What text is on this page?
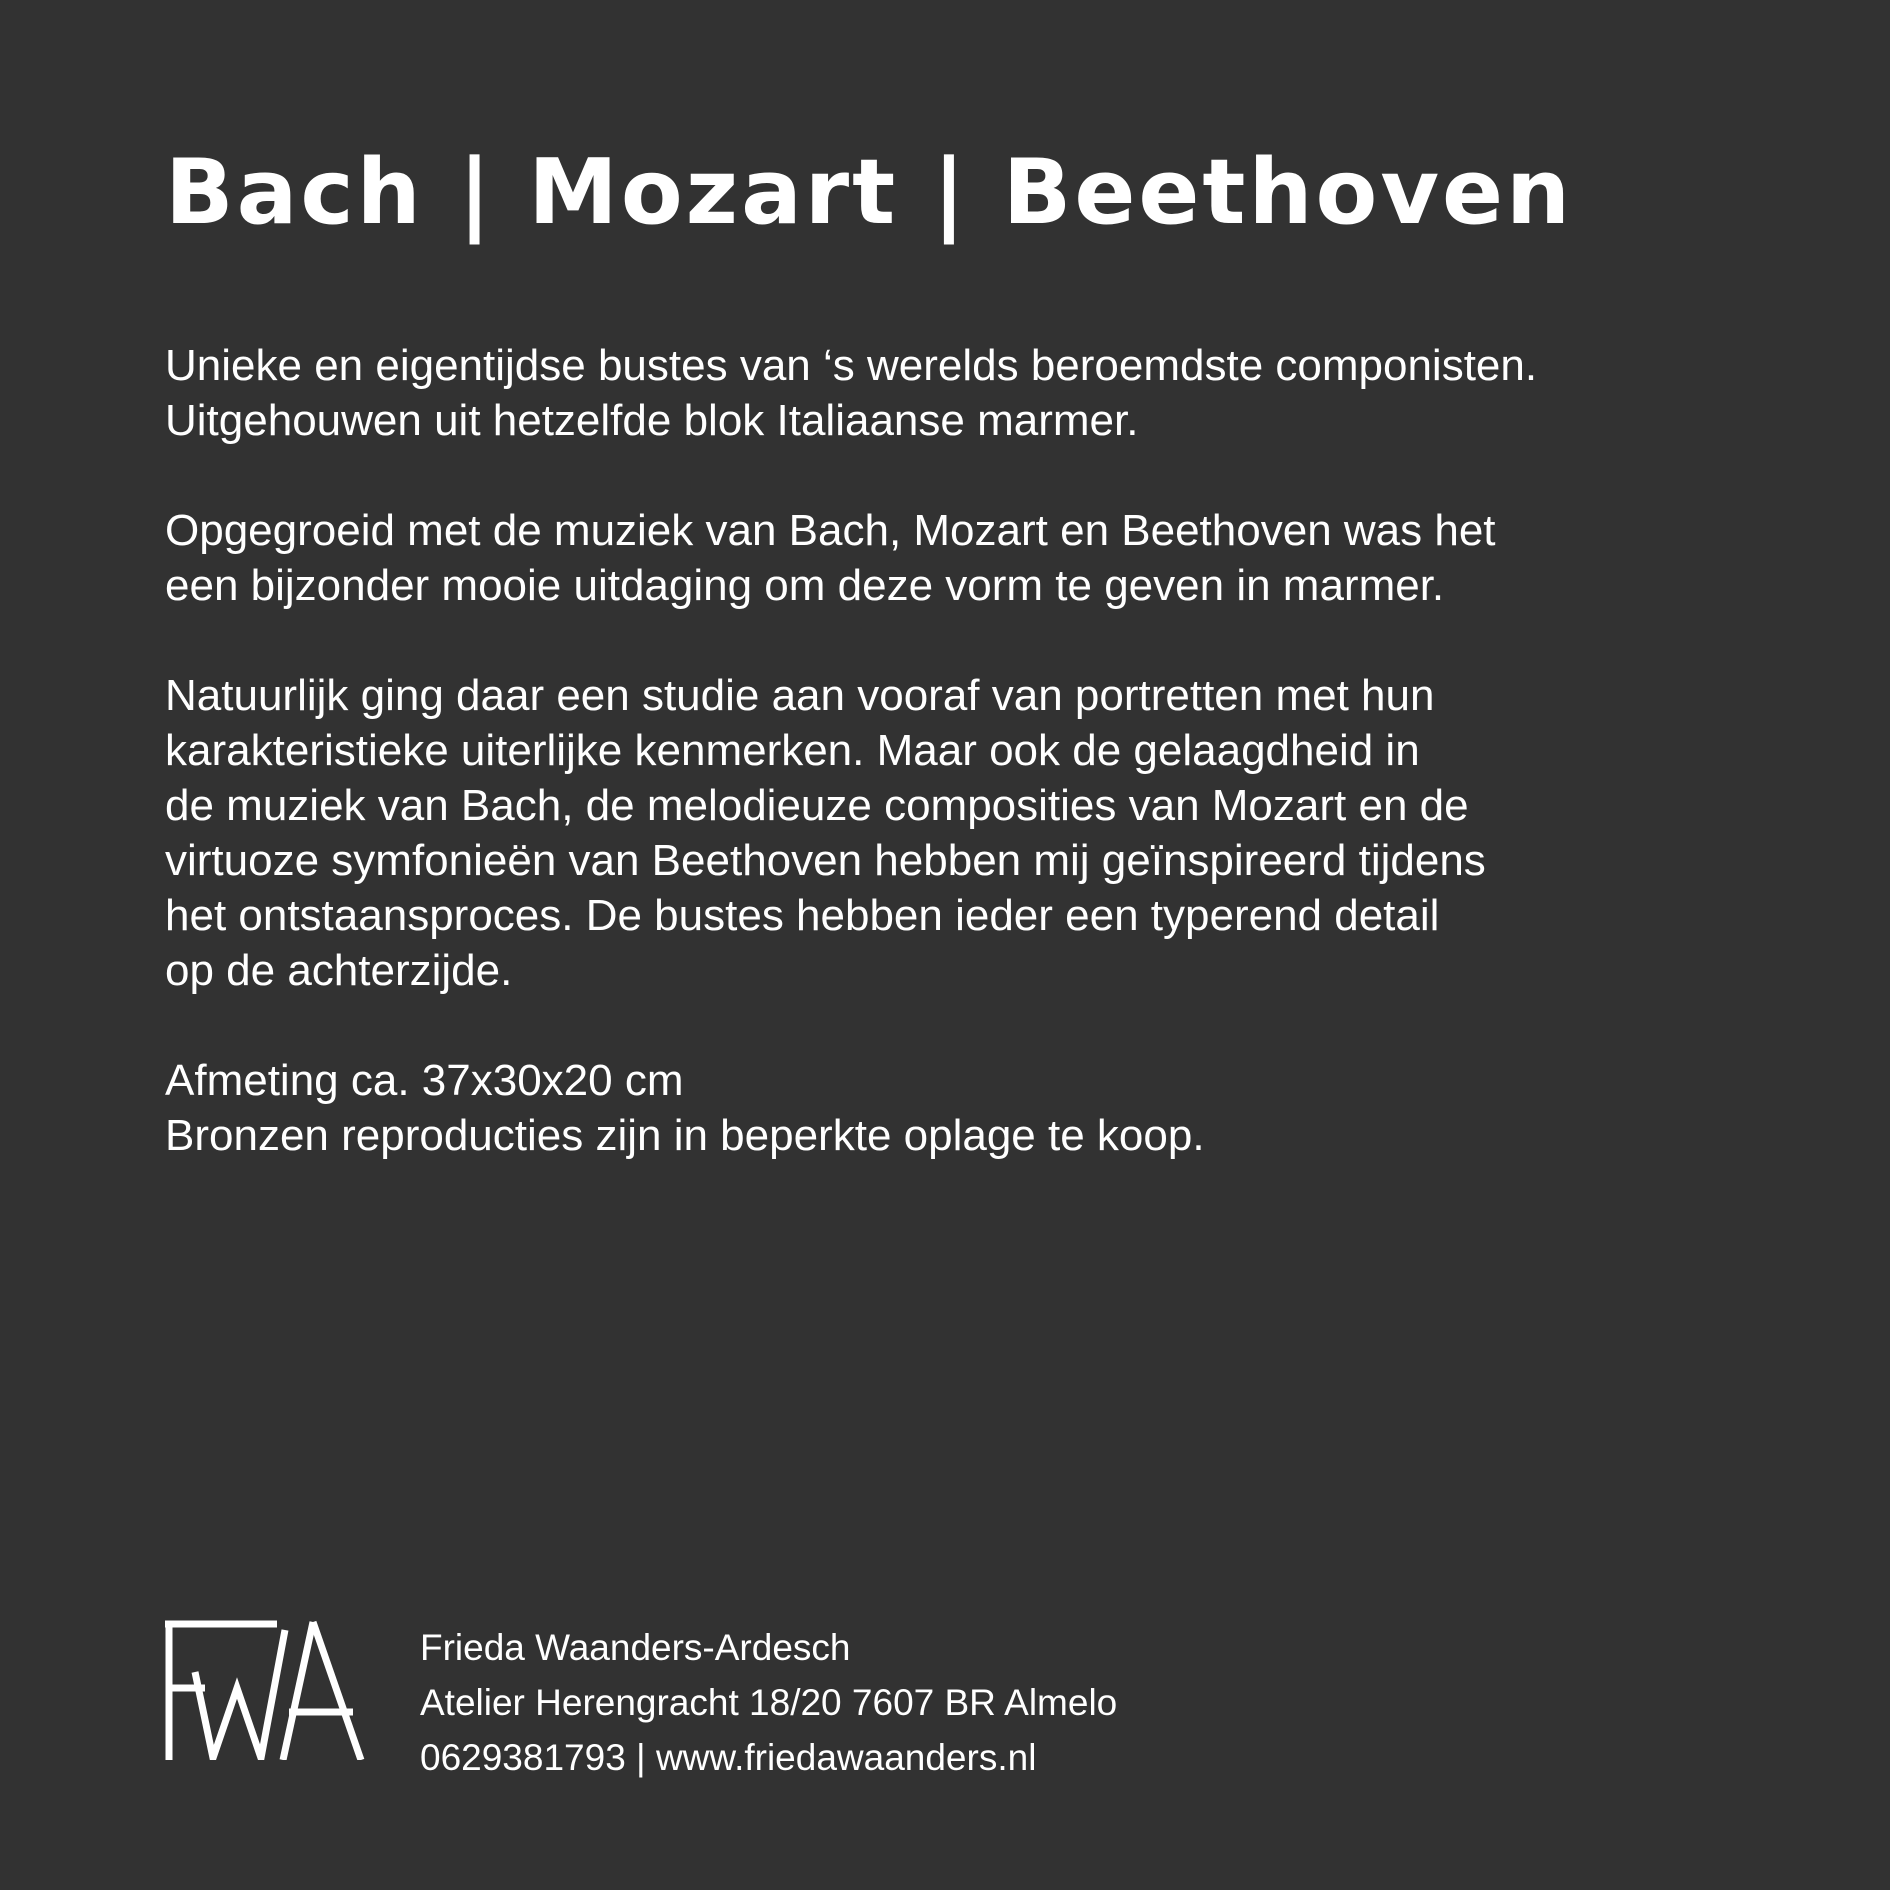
Bach | Mozart | Beethoven

Unieke en eigentijdse bustes van ‘s werelds beroemdste componisten.
Uitgehouwen uit hetzelfde blok Italiaanse marmer.

Opgegroeid met de muziek van Bach, Mozart en Beethoven was het
een bijzonder mooie uitdaging om deze vorm te geven in marmer.

Natuurlijk ging daar een studie aan vooraf van portretten met hun
karakteristieke uiterlijke kenmerken. Maar ook de gelaagdheid in
de muziek van Bach, de melodieuze composities van Mozart en de
virtuoze symfonieën van Beethoven hebben mij geïnspireerd tijdens
het ontstaansproces. De bustes hebben ieder een typerend detail
op de achterzijde.

Afmeting ca. 37x30x20 cm
Bronzen reproducties zijn in beperkte oplage te koop.

Frieda Waanders-Ardesch
Atelier Herengracht 18/20 7607 BR Almelo
0629381793 | www.friedawaanders.nl
